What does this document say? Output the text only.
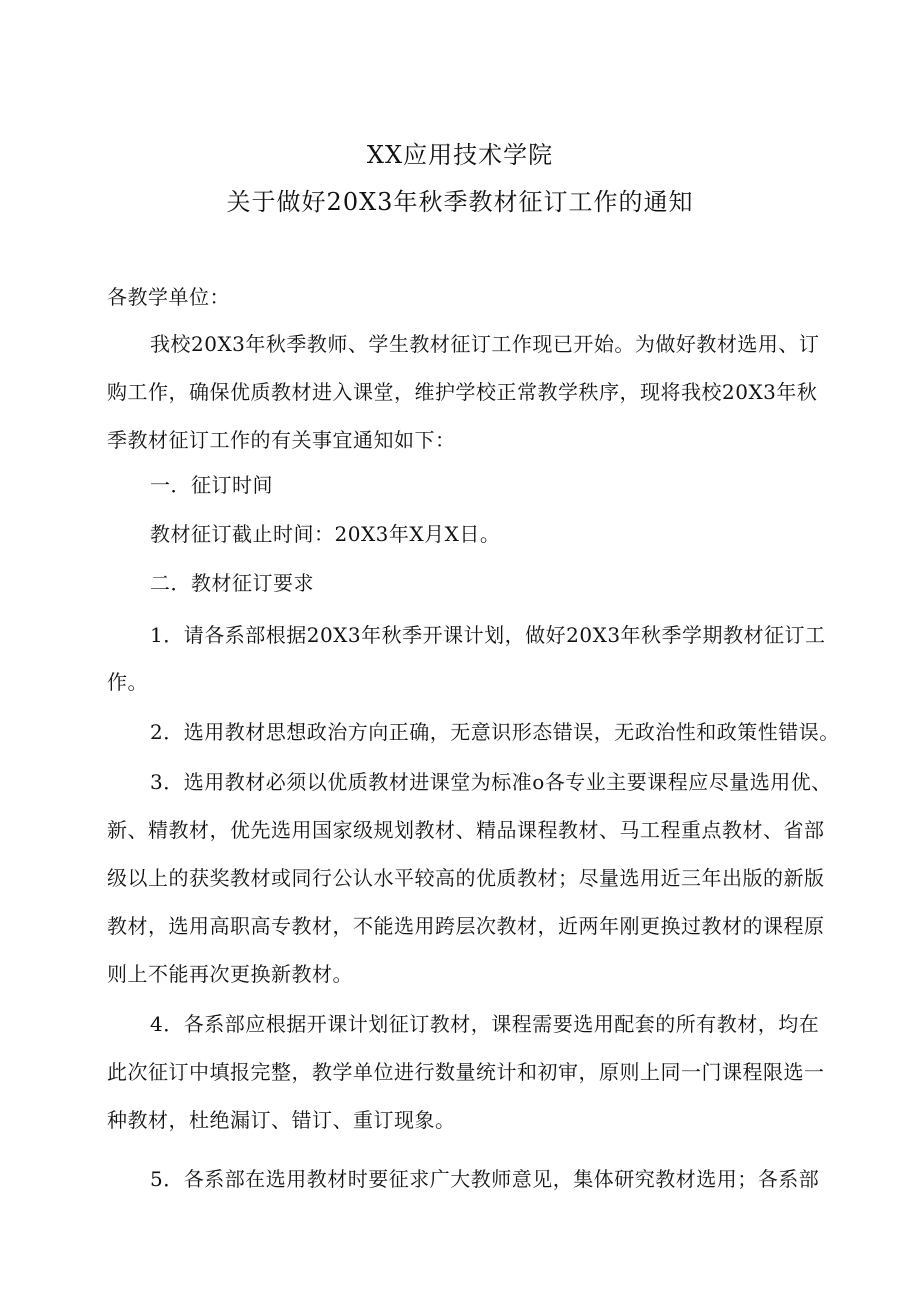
XX应用技术学院
关于做好20X3年秋季教材征订工作的通知
各教学单位：
我校20X3年秋季教师、学生教材征订工作现已开始。为做好教材选用、订
购工作，确保优质教材进入课堂，维护学校正常教学秩序，现将我校20X3年秋
季教材征订工作的有关事宜通知如下：
一．征订时间
教材征订截止时间：20X3年X月X日。
二．教材征订要求
1．请各系部根据20X3年秋季开课计划，做好20X3年秋季学期教材征订工
作。
2．选用教材思想政治方向正确，无意识形态错误，无政治性和政策性错误。
3．选用教材必须以优质教材进课堂为标准o各专业主要课程应尽量选用优、
新、精教材，优先选用国家级规划教材、精品课程教材、马工程重点教材、省部
级以上的获奖教材或同行公认水平较高的优质教材；尽量选用近三年出版的新版
教材，选用高职高专教材，不能选用跨层次教材，近两年刚更换过教材的课程原
则上不能再次更换新教材。
4．各系部应根据开课计划征订教材，课程需要选用配套的所有教材，均在
此次征订中填报完整，教学单位进行数量统计和初审，原则上同一门课程限选一
种教材，杜绝漏订、错订、重订现象。
5．各系部在选用教材时要征求广大教师意见，集体研究教材选用；各系部
